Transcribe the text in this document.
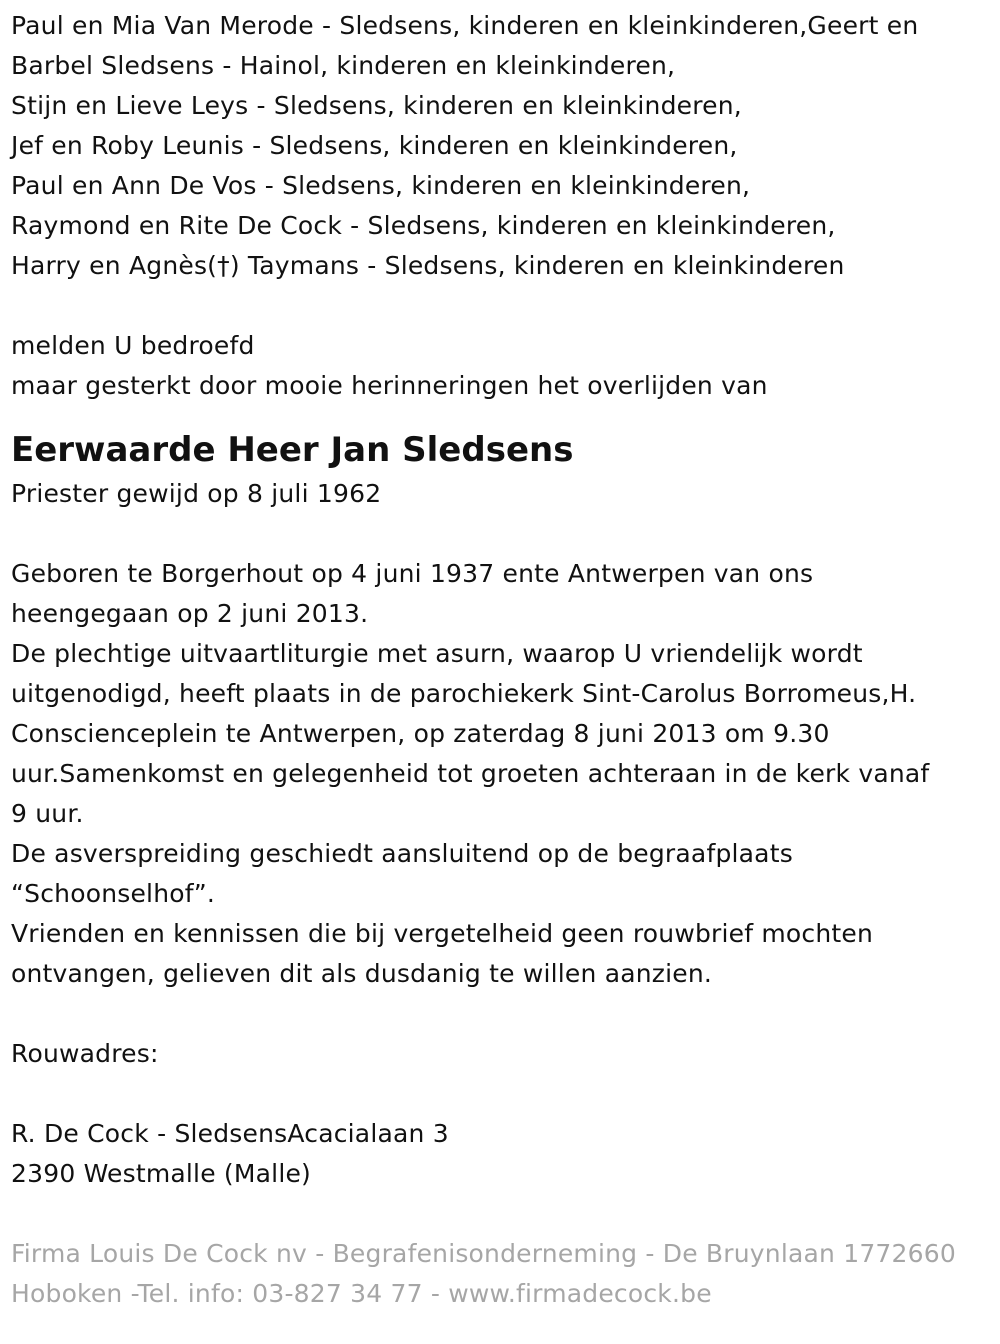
Paul en Mia Van Merode - Sledsens, kinderen en kleinkinderen,Geert en
Barbel Sledsens - Hainol, kinderen en kleinkinderen,
Stijn en Lieve Leys - Sledsens, kinderen en kleinkinderen,
Jef en Roby Leunis - Sledsens, kinderen en kleinkinderen,
Paul en Ann De Vos - Sledsens, kinderen en kleinkinderen,
Raymond en Rite De Cock - Sledsens, kinderen en kleinkinderen,
Harry en Agnès(†) Taymans - Sledsens, kinderen en kleinkinderen
melden U bedroefd
maar gesterkt door mooie herinneringen het overlijden van
Eerwaarde Heer Jan Sledsens
Priester gewijd op 8 juli 1962
Geboren te Borgerhout op 4 juni 1937 ente Antwerpen van ons
heengegaan op 2 juni 2013.
De plechtige uitvaartliturgie met asurn, waarop U vriendelijk wordt
uitgenodigd, heeft plaats in de parochiekerk Sint-Carolus Borromeus,H.
Conscienceplein te Antwerpen, op zaterdag 8 juni 2013 om 9.30
uur.Samenkomst en gelegenheid tot groeten achteraan in de kerk vanaf
9 uur.
De asverspreiding geschiedt aansluitend op de begraafplaats
“Schoonselhof”.
Vrienden en kennissen die bij vergetelheid geen rouwbrief mochten
ontvangen, gelieven dit als dusdanig te willen aanzien.
Rouwadres:
R. De Cock - SledsensAcacialaan 3
2390 Westmalle (Malle)
Firma Louis De Cock nv - Begrafenisonderneming - De Bruynlaan 1772660
Hoboken -Tel. info: 03-827 34 77 - www.firmadecock.be
